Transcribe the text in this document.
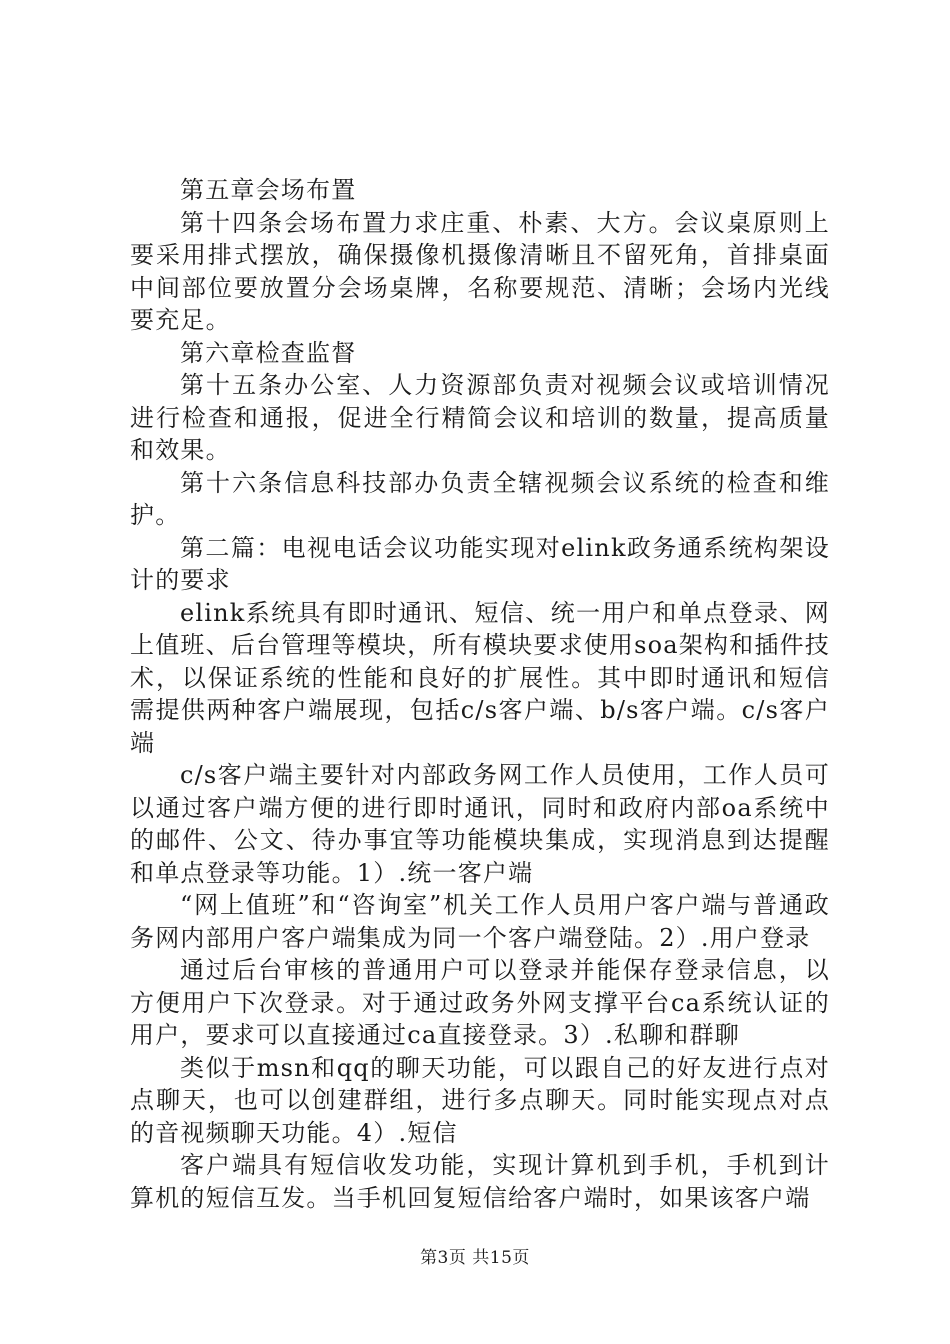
第五章会场布置

第十四条会场布置力求庄重、朴素、大方。会议桌原则上要采用排式摆放，确保摄像机摄像清晰且不留死角，首排桌面中间部位要放置分会场桌牌，名称要规范、清晰；会场内光线要充足。

第六章检查监督

第十五条办公室、人力资源部负责对视频会议或培训情况进行检查和通报，促进全行精简会议和培训的数量，提高质量和效果。

第十六条信息科技部办负责全辖视频会议系统的检查和维护。

第二篇：电视电话会议功能实现对elink政务通系统构架设计的要求

elink系统具有即时通讯、短信、统一用户和单点登录、网上值班、后台管理等模块，所有模块要求使用soa架构和插件技术，以保证系统的性能和良好的扩展性。其中即时通讯和短信需提供两种客户端展现，包括c/s客户端、b/s客户端。c/s客户端

c/s客户端主要针对内部政务网工作人员使用，工作人员可以通过客户端方便的进行即时通讯，同时和政府内部oa系统中的邮件、公文、待办事宜等功能模块集成，实现消息到达提醒和单点登录等功能。1）.统一客户端

“网上值班”和“咨询室”机关工作人员用户客户端与普通政务网内部用户客户端集成为同一个客户端登陆。2）.用户登录

通过后台审核的普通用户可以登录并能保存登录信息，以方便用户下次登录。对于通过政务外网支撑平台ca系统认证的用户，要求可以直接通过ca直接登录。3）.私聊和群聊

类似于msn和qq的聊天功能，可以跟自己的好友进行点对点聊天，也可以创建群组，进行多点聊天。同时能实现点对点的音视频聊天功能。4）.短信

客户端具有短信收发功能，实现计算机到手机，手机到计算机的短信互发。当手机回复短信给客户端时，如果该客户端

第3页 共15页
